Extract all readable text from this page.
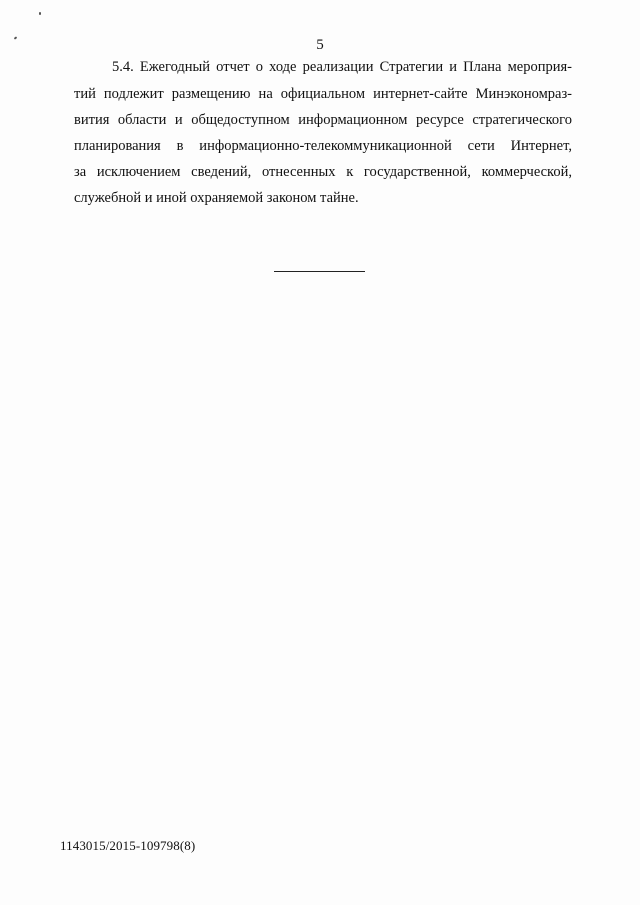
5
5.4. Ежегодный отчет о ходе реализации Стратегии и Плана мероприя-
тий подлежит размещению на официальном интернет-сайте Минэкономраз-
вития области и общедоступном информационном ресурсе стратегического
планирования в информационно-телекоммуникационной сети Интернет,
за исключением сведений, отнесенных к государственной, коммерческой,
служебной и иной охраняемой законом тайне.
1143015/2015-109798(8)
